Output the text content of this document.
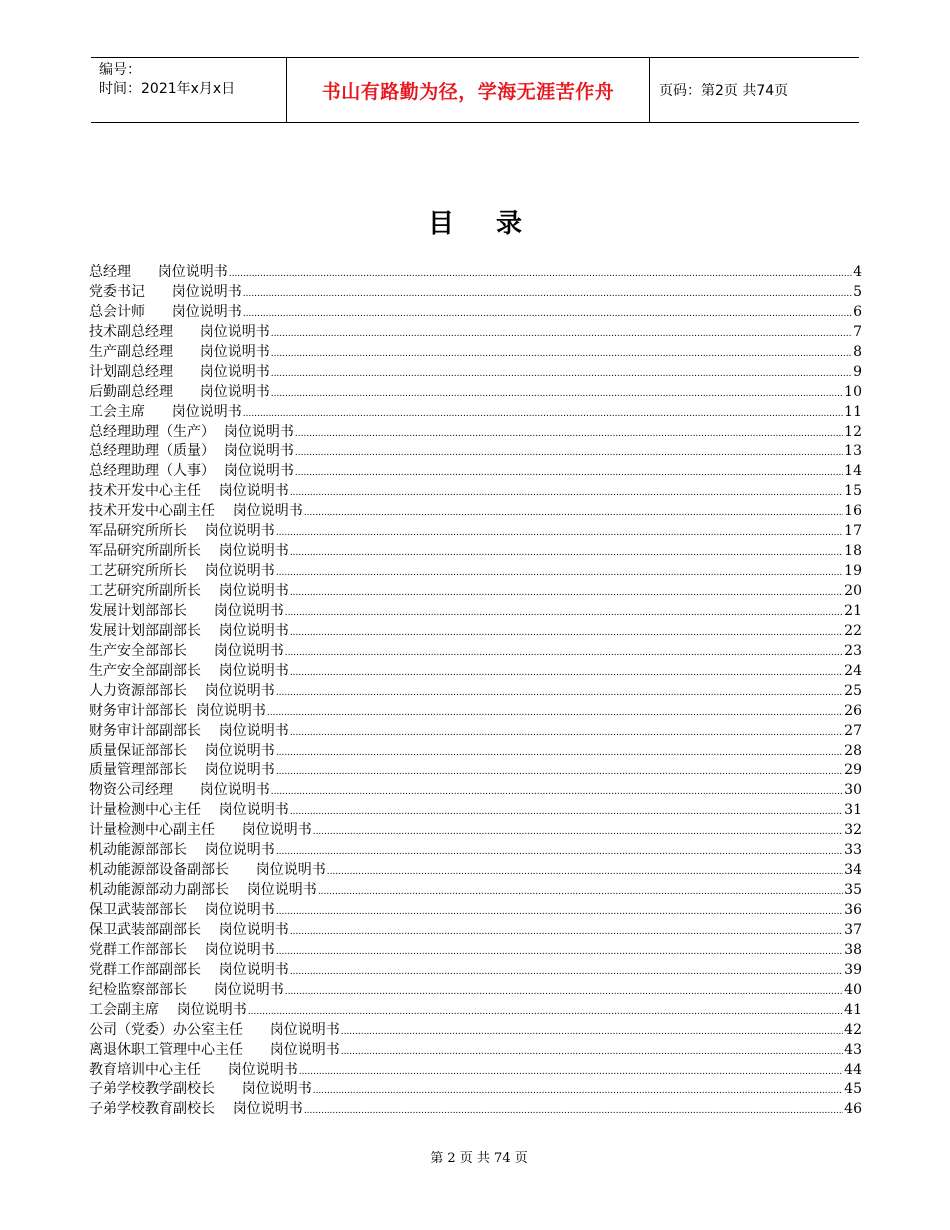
编号：
时间：2021年x月x日	书山有路勤为径，学海无涯苦作舟	页码：第2页 共74页
目录
总经理      岗位说明书 .....	4
党委书记      岗位说明书 .....	5
总会计师      岗位说明书 .....	6
技术副总经理      岗位说明书 .....	7
生产副总经理      岗位说明书 .....	8
计划副总经理      岗位说明书 .....	9
后勤副总经理      岗位说明书 .....	10
工会主席      岗位说明书 .....	11
总经理助理（生产）  岗位说明书 .....	12
总经理助理（质量）  岗位说明书 .....	13
总经理助理（人事）  岗位说明书 .....	14
技术开发中心主任    岗位说明书 .....	15
技术开发中心副主任    岗位说明书 .....	16
军品研究所所长    岗位说明书 .....	17
军品研究所副所长    岗位说明书 .....	18
工艺研究所所长    岗位说明书 .....	19
工艺研究所副所长    岗位说明书 .....	20
发展计划部部长      岗位说明书 .....	21
发展计划部副部长    岗位说明书 .....	22
生产安全部部长      岗位说明书 .....	23
生产安全部副部长    岗位说明书 .....	24
人力资源部部长    岗位说明书 .....	25
财务审计部部长  岗位说明书 .....	26
财务审计部副部长    岗位说明书 .....	27
质量保证部部长    岗位说明书 .....	28
质量管理部部长    岗位说明书 .....	29
物资公司经理      岗位说明书 .....	30
计量检测中心主任    岗位说明书 .....	31
计量检测中心副主任      岗位说明书 .....	32
机动能源部部长    岗位说明书 .....	33
机动能源部设备副部长      岗位说明书 .....	34
机动能源部动力副部长    岗位说明书 .....	35
保卫武装部部长    岗位说明书 .....	36
保卫武装部副部长    岗位说明书 .....	37
党群工作部部长    岗位说明书 .....	38
党群工作部副部长    岗位说明书 .....	39
纪检监察部部长      岗位说明书 .....	40
工会副主席    岗位说明书 .....	41
公司（党委）办公室主任      岗位说明书 .....	42
离退休职工管理中心主任      岗位说明书 .....	43
教育培训中心主任      岗位说明书 .....	44
子弟学校教学副校长      岗位说明书 .....	45
子弟学校教育副校长    岗位说明书 .....	46
第 2 页 共 74 页
